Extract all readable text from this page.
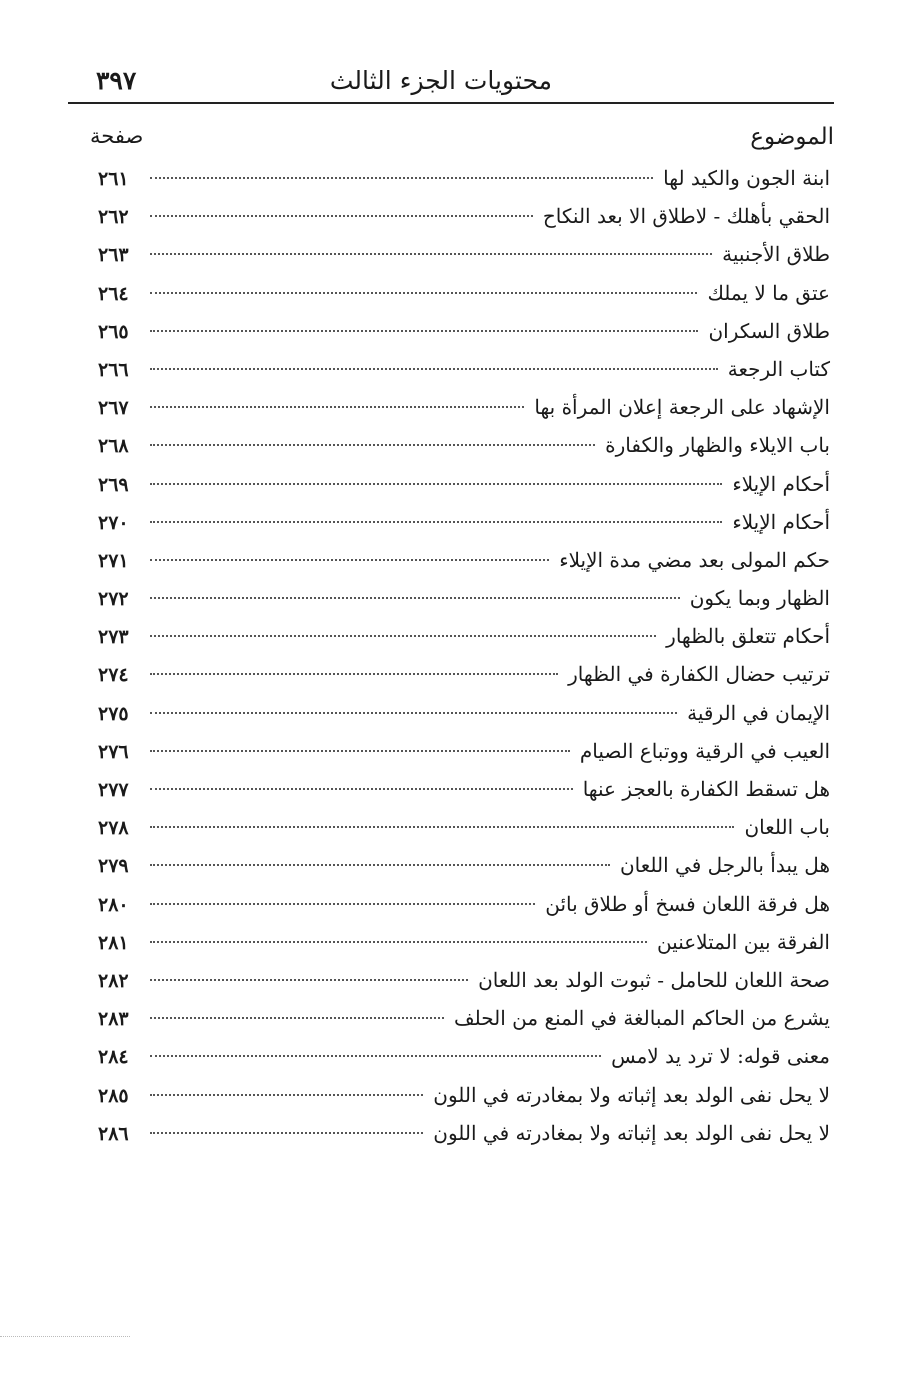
محتويات الجزء الثالث
٣٩٧
الموضوع
صفحة
ابنة الجون والكيد لها
٢٦١
الحقي بأهلك - لاطلاق الا بعد النكاح
٢٦٢
طلاق الأجنبية
٢٦٣
عتق ما لا يملك
٢٦٤
طلاق السكران
٢٦٥
كتاب الرجعة
٢٦٦
الإشهاد على الرجعة إعلان المرأة بها
٢٦٧
باب الايلاء والظهار والكفارة
٢٦٨
أحكام الإيلاء
٢٦٩
أحكام الإيلاء
٢٧٠
حكم المولى بعد مضي مدة الإيلاء
٢٧١
الظهار وبما يكون
٢٧٢
أحكام تتعلق بالظهار
٢٧٣
ترتيب حضال الكفارة في الظهار
٢٧٤
الإيمان في الرقية
٢٧٥
العيب في الرقية ووتباع الصيام
٢٧٦
هل تسقط الكفارة بالعجز عنها
٢٧٧
باب اللعان
٢٧٨
هل يبدأ بالرجل في اللعان
٢٧٩
هل فرقة اللعان فسخ أو طلاق بائن
٢٨٠
الفرقة بين المتلاعنين
٢٨١
صحة اللعان للحامل - ثبوت الولد بعد اللعان
٢٨٢
يشرع من الحاكم المبالغة في المنع من الحلف
٢٨٣
معنى قوله: لا ترد يد لامس
٢٨٤
لا يحل نفى الولد بعد إثباته ولا بمغادرته في اللون
٢٨٥
لا يحل نفى الولد بعد إثباته ولا بمغادرته في اللون
٢٨٦
